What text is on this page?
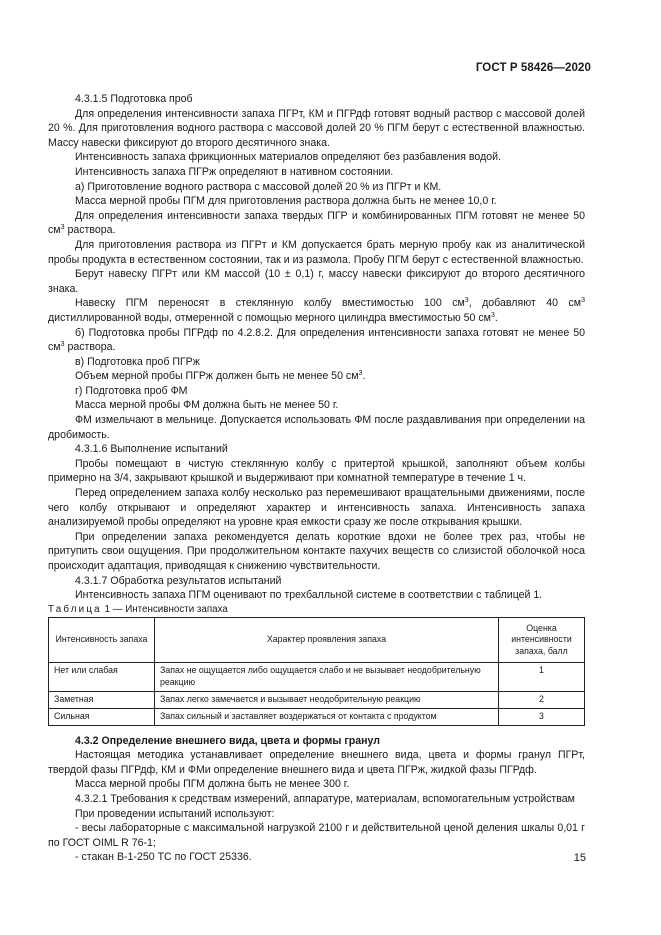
ГОСТ Р 58426—2020

4.3.1.5 Подготовка проб

Для определения интенсивности запаха ПГРт, КМ и ПГРдф готовят водный раствор с массовой долей 20 %. Для приготовления водного раствора с массовой долей 20 % ПГМ берут с естественной влажностью. Массу навески фиксируют до второго десятичного знака.

Интенсивность запаха фрикционных материалов определяют без разбавления водой.

Интенсивность запаха ПГРж определяют в нативном состоянии.

а) Приготовление водного раствора с массовой долей 20 % из ПГРт и КМ.

Масса мерной пробы ПГМ для приготовления раствора должна быть не менее 10,0 г.

Для определения интенсивности запаха твердых ПГР и комбинированных ПГМ готовят не менее 50 $см^3$ раствора.

Для приготовления раствора из ПГРт и КМ допускается брать мерную пробу как из аналитической пробы продукта в естественном состоянии, так и из размола. Пробу ПГМ берут с естественной влажностью.

Берут навеску ПГРт или КМ массой (10 ± 0,1) г, массу навески фиксируют до второго десятичного знака.

Навеску ПГМ переносят в стеклянную колбу вместимостью 100 $см^3$, добавляют 40 $см^3$ дистиллированной воды, отмеренной с помощью мерного цилиндра вместимостью 50 $см^3$.

б) Подготовка пробы ПГРдф по 4.2.8.2. Для определения интенсивности запаха готовят не менее 50 $см^3$ раствора.

в) Подготовка проб ПГРж

Объем мерной пробы ПГРж должен быть не менее 50 $см^3$.

г) Подготовка проб ФМ

Масса мерной пробы ФМ должна быть не менее 50 г.

ФМ измельчают в мельнице. Допускается использовать ФМ после раздавливания при определении на дробимость.

4.3.1.6 Выполнение испытаний

Пробы помещают в чистую стеклянную колбу с притертой крышкой, заполняют объем колбы примерно на 3/4, закрывают крышкой и выдерживают при комнатной температуре в течение 1 ч.

Перед определением запаха колбу несколько раз перемешивают вращательными движениями, после чего колбу открывают и определяют характер и интенсивность запаха. Интенсивность запаха анализируемой пробы определяют на уровне края емкости сразу же после открывания крышки.

При определении запаха рекомендуется делать короткие вдохи не более трех раз, чтобы не притупить свои ощущения. При продолжительном контакте пахучих веществ со слизистой оболочкой носа происходит адаптация, приводящая к снижению чувствительности.

4.3.1.7 Обработка результатов испытаний

Интенсивность запаха ПГМ оценивают по трехбалльной системе в соответствии с таблицей 1.

Таблица 1 — Интенсивности запаха

Интенсивность запаха	Характер проявления запаха	Оценка интенсивности запаха, балл
Нет или слабая	Запах не ощущается либо ощущается слабо и не вызывает неодобрительную реакцию	1
Заметная	Запах легко замечается и вызывает неодобрительную реакцию	2
Сильная	Запах сильный и заставляет воздержаться от контакта с продуктом	3

4.3.2 Определение внешнего вида, цвета и формы гранул

Настоящая методика устанавливает определение внешнего вида, цвета и формы гранул ПГРт, твердой фазы ПГРдф, КМ и ФМи определение внешнего вида и цвета ПГРж, жидкой фазы ПГРдф.

Масса мерной пробы ПГМ должна быть не менее 300 г.

4.3.2.1 Требования к средствам измерений, аппаратуре, материалам, вспомогательным устройствам

При проведении испытаний используют:

- весы лабораторные с максимальной нагрузкой 2100 г и действительной ценой деления шкалы 0,01 г по ГОСТ OIML R 76-1;

- стакан В-1-250 ТС по ГОСТ 25336.	15
